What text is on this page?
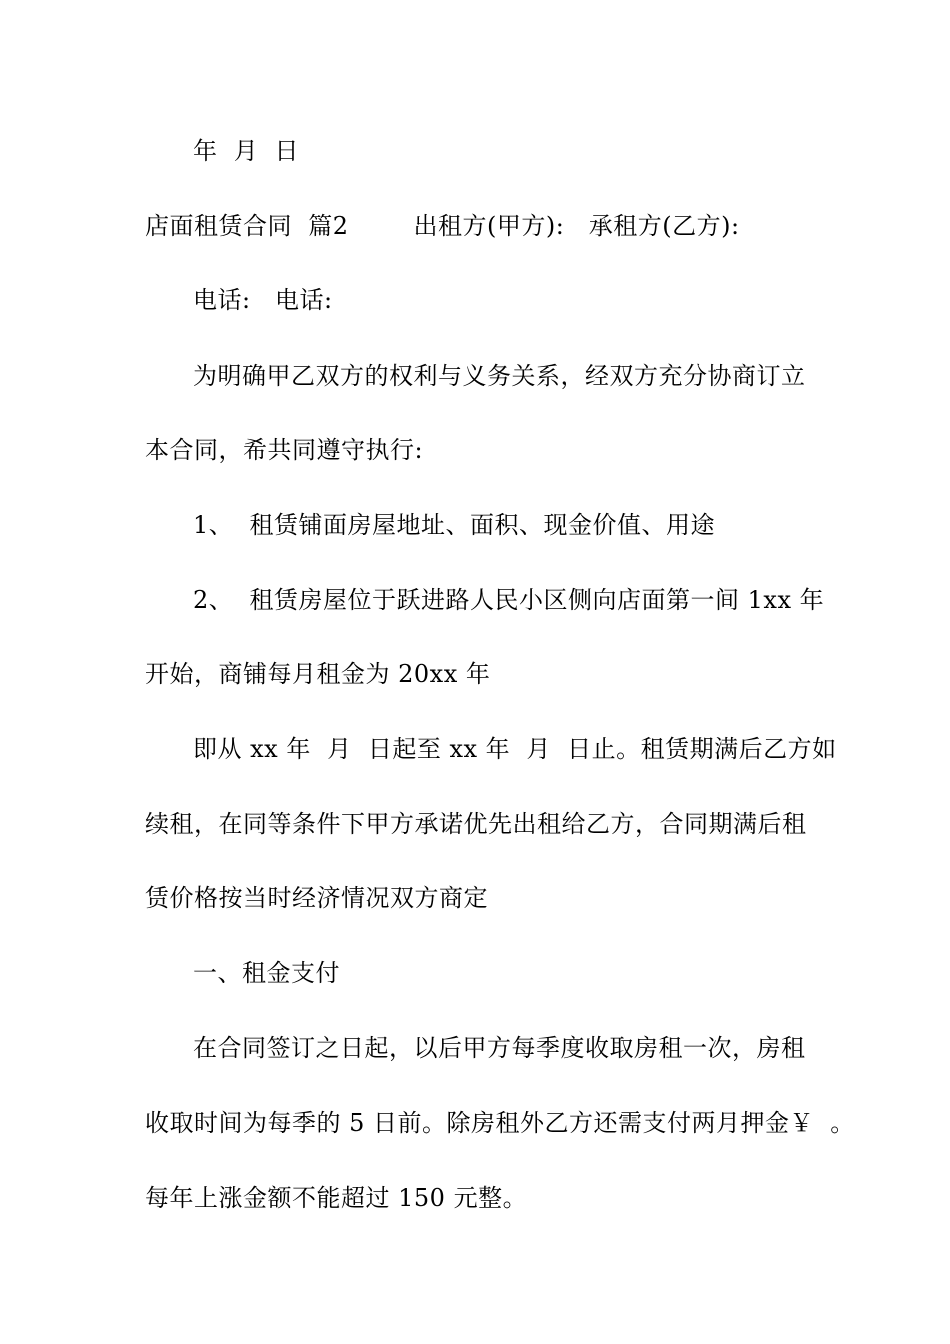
年  月  日
店面租赁合同  篇2        出租方(甲方):   承租方(乙方):
电话:   电话:
为明确甲乙双方的权利与义务关系，经双方充分协商订立
本合同，希共同遵守执行:
1、  租赁铺面房屋地址、面积、现金价值、用途
2、  租赁房屋位于跃进路人民小区侧向店面第一间 1xx 年
开始，商铺每月租金为 20xx 年
即从 xx 年  月  日起至 xx 年  月  日止。租赁期满后乙方如
续租，在同等条件下甲方承诺优先出租给乙方，合同期满后租
赁价格按当时经济情况双方商定
一、租金支付
在合同签订之日起，以后甲方每季度收取房租一次，房租
收取时间为每季的 5 日前。除房租外乙方还需支付两月押金￥  。
每年上涨金额不能超过 150 元整。
